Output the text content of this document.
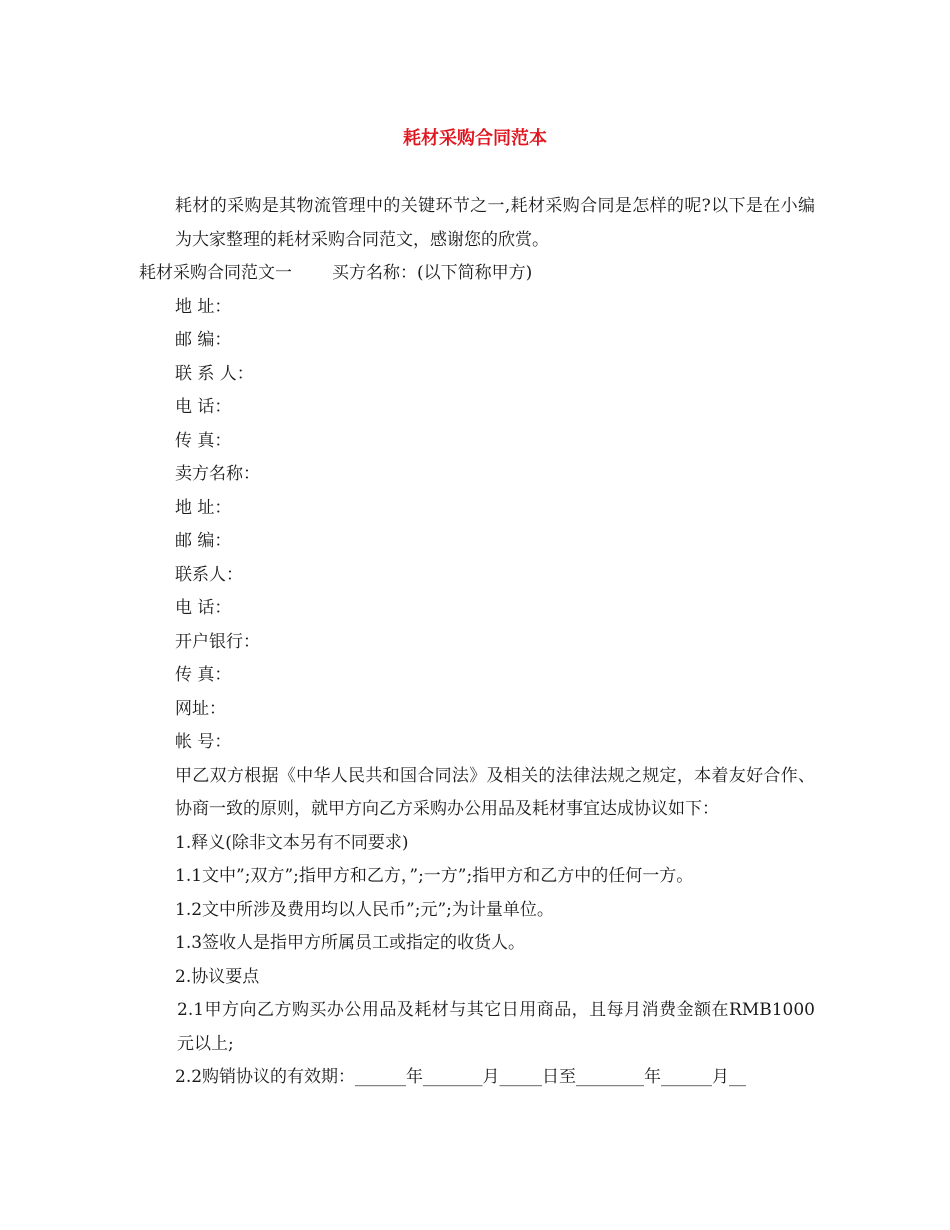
耗材采购合同范本

耗材的采购是其物流管理中的关键环节之一,耗材采购合同是怎样的呢?以下是在小编为大家整理的耗材采购合同范文，感谢您的欣赏。

耗材采购合同范文一 买方名称：(以下简称甲方)

地 址：

邮 编：

联 系 人：

电 话：

传 真：

卖方名称：

地 址：

邮 编：

联系人：

电 话：

开户银行：

传 真：

网址：

帐 号：

甲乙双方根据《中华人民共和国合同法》及相关的法律法规之规定，本着友好合作、协商一致的原则，就甲方向乙方采购办公用品及耗材事宜达成协议如下：

1.释义(除非文本另有不同要求)

1.1文中”;双方”;指甲方和乙方，”;一方”;指甲方和乙方中的任何一方。

1.2文中所涉及费用均以人民币”;元”;为计量单位。

1.3签收人是指甲方所属员工或指定的收货人。

2.协议要点

2.1甲方向乙方购买办公用品及耗材与其它日用商品，且每月消费金额在RMB1000元以上;

2.2购销协议的有效期：______年_______月_____日至________年______月__
